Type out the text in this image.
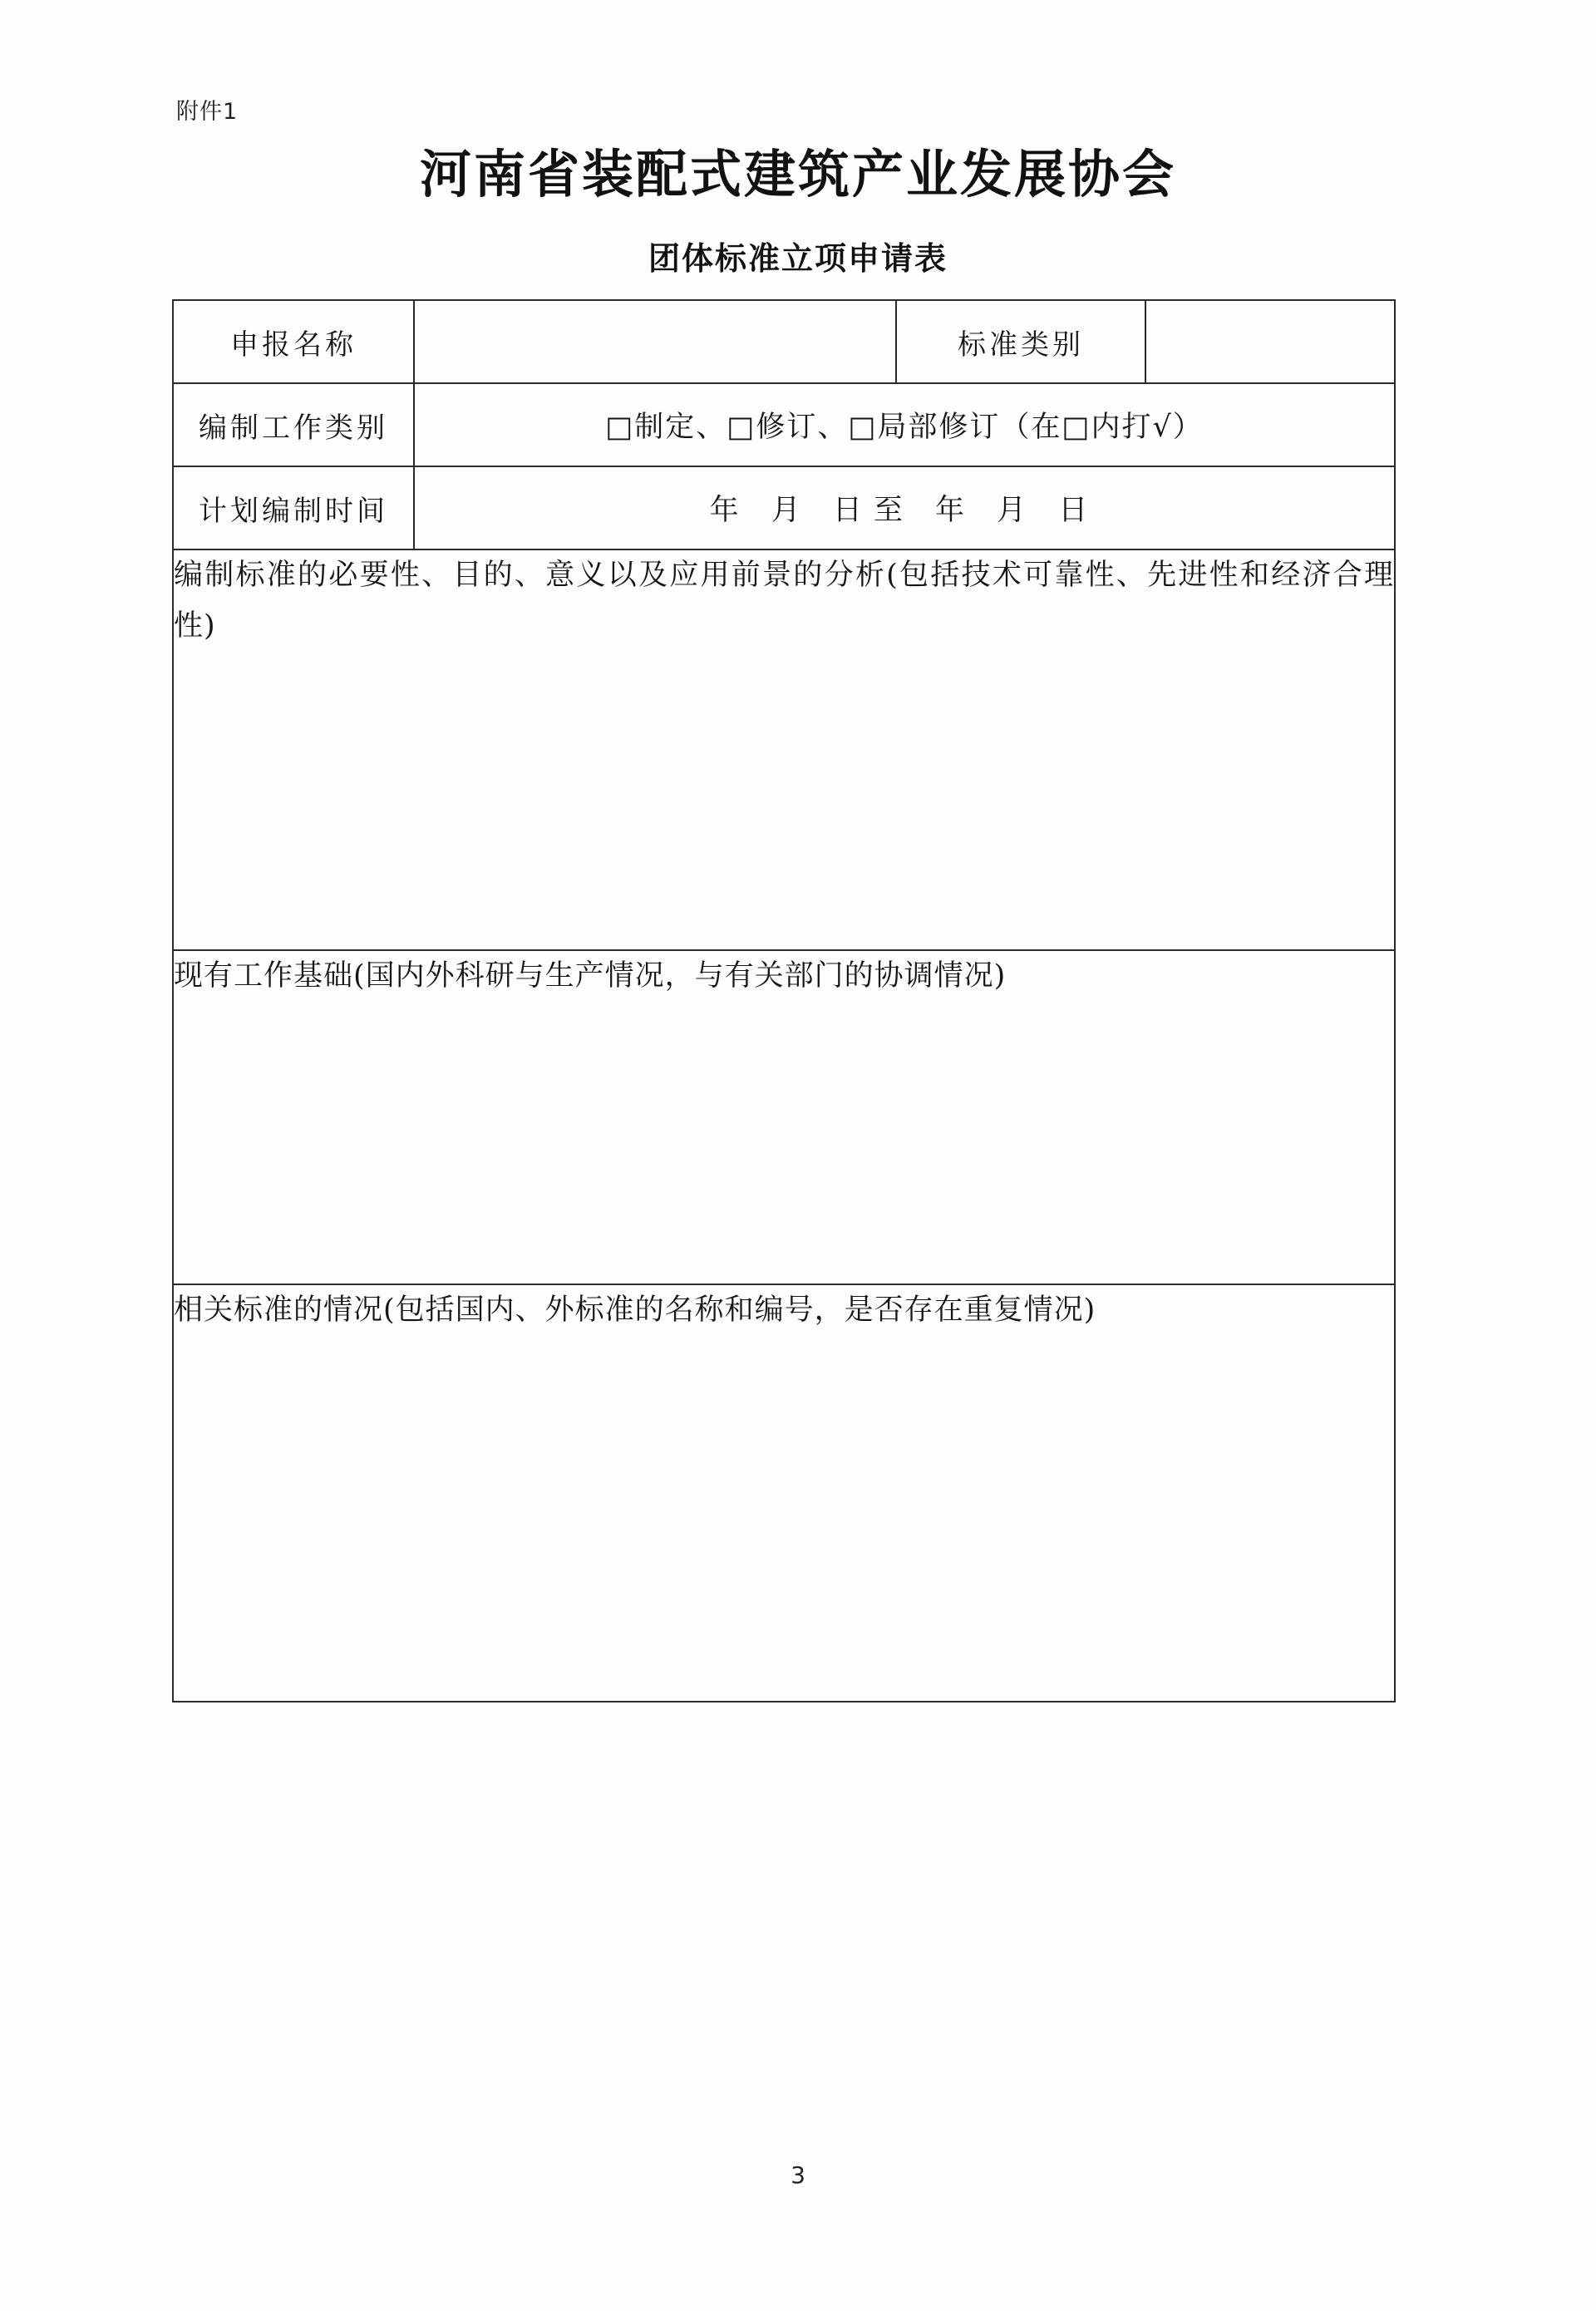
附件1
河南省装配式建筑产业发展协会
团体标准立项申请表
申报名称		标准类别	
编制工作类别	□制定、□修订、□局部修订（在□内打√）		

计划编制时间	年 月 日至 年 月 日		

编制标准的必要性、目的、意义以及应用前景的分析(包括技术可靠性、先进性和经济合理性)			

现有工作基础(国内外科研与生产情况，与有关部门的协调情况)			

相关标准的情况(包括国内、外标准的名称和编号，是否存在重复情况)			
3
